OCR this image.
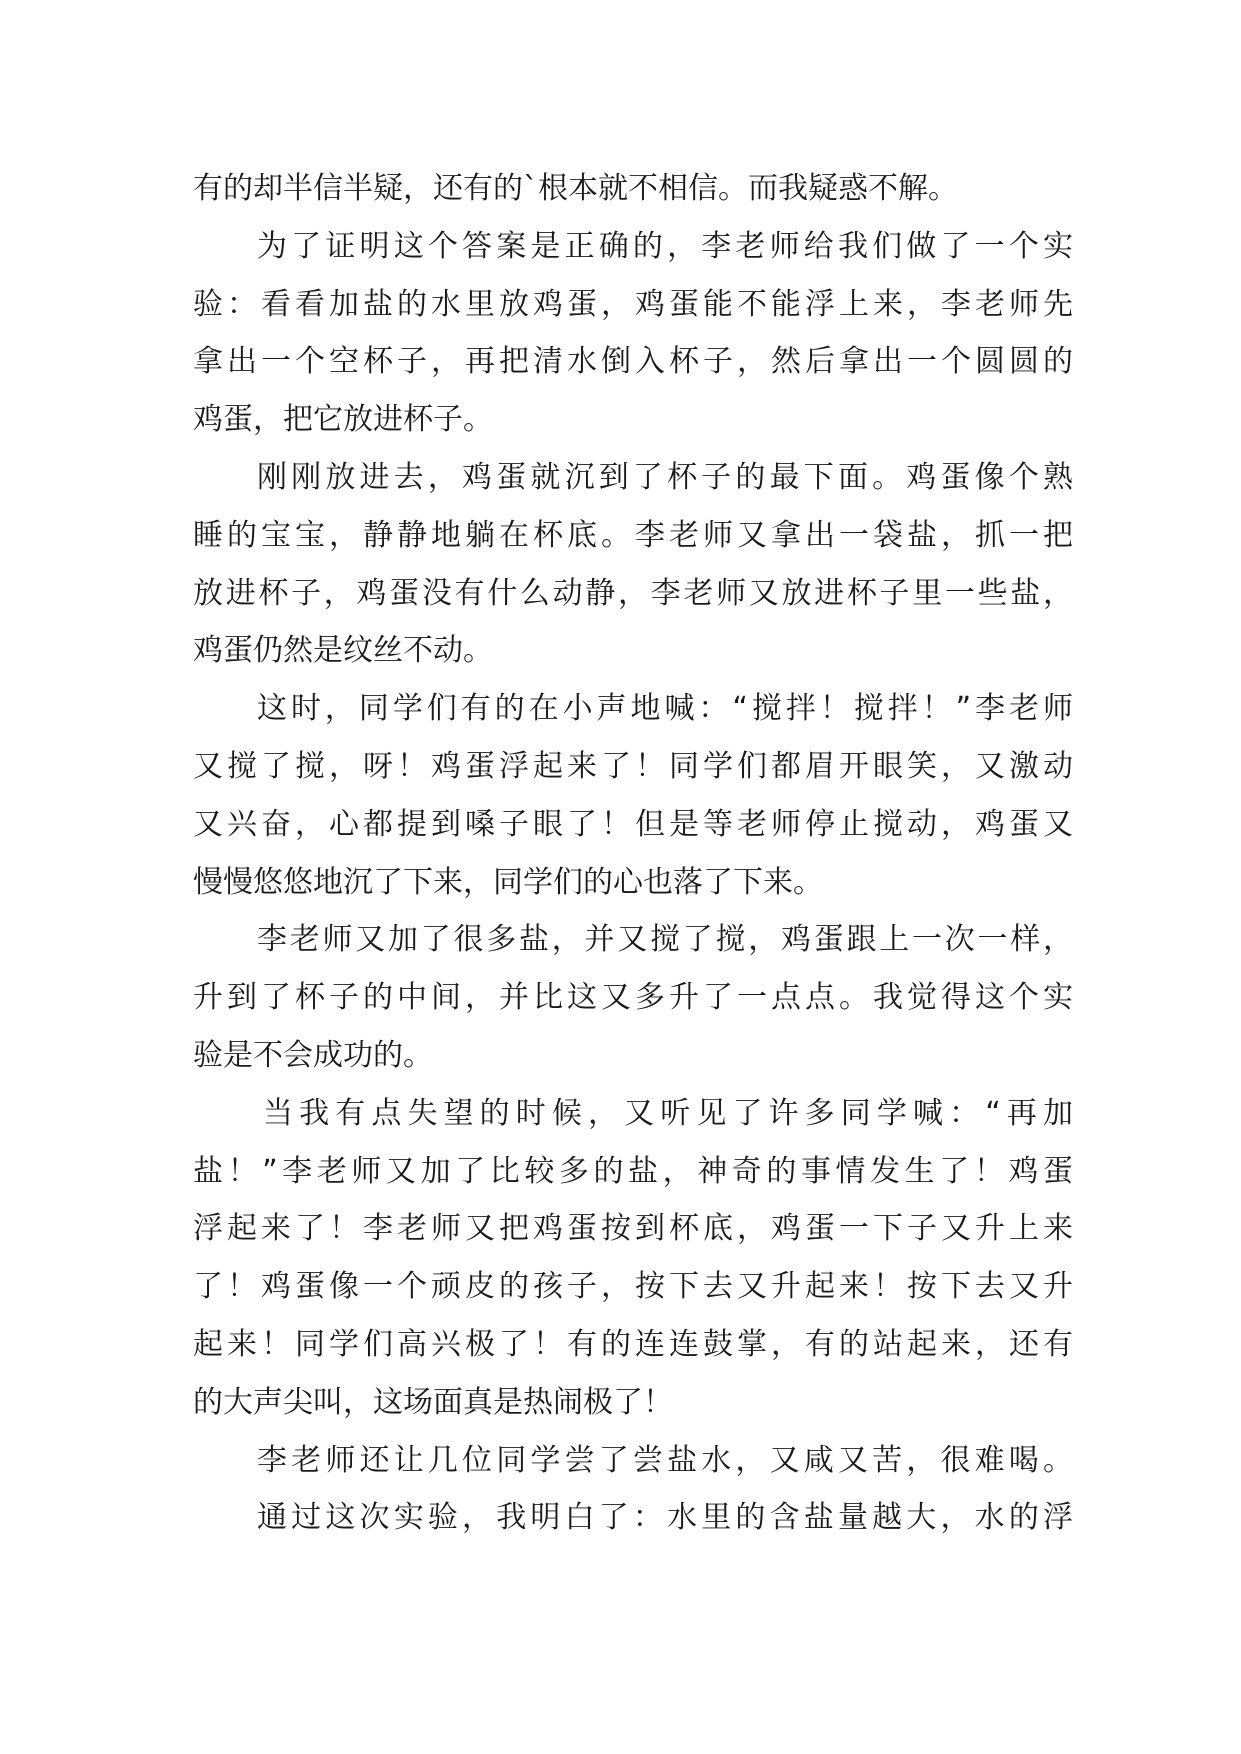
有的却半信半疑，还有的`根本就不相信。而我疑惑不解。
为了证明这个答案是正确的，李老师给我们做了一个实
验：看看加盐的水里放鸡蛋，鸡蛋能不能浮上来，李老师先
拿出一个空杯子，再把清水倒入杯子，然后拿出一个圆圆的
鸡蛋，把它放进杯子。
刚刚放进去，鸡蛋就沉到了杯子的最下面。鸡蛋像个熟
睡的宝宝，静静地躺在杯底。李老师又拿出一袋盐，抓一把
放进杯子，鸡蛋没有什么动静，李老师又放进杯子里一些盐，
鸡蛋仍然是纹丝不动。
这时，同学们有的在小声地喊：“搅拌！搅拌！”李老师
又搅了搅，呀！鸡蛋浮起来了！同学们都眉开眼笑，又激动
又兴奋，心都提到嗓子眼了！但是等老师停止搅动，鸡蛋又
慢慢悠悠地沉了下来，同学们的心也落了下来。
李老师又加了很多盐，并又搅了搅，鸡蛋跟上一次一样，
升到了杯子的中间，并比这又多升了一点点。我觉得这个实
验是不会成功的。
当我有点失望的时候，又听见了许多同学喊：“再加
盐！”李老师又加了比较多的盐，神奇的事情发生了！鸡蛋
浮起来了！李老师又把鸡蛋按到杯底，鸡蛋一下子又升上来
了！鸡蛋像一个顽皮的孩子，按下去又升起来！按下去又升
起来！同学们高兴极了！有的连连鼓掌，有的站起来，还有
的大声尖叫，这场面真是热闹极了！
李老师还让几位同学尝了尝盐水，又咸又苦，很难喝。
通过这次实验，我明白了：水里的含盐量越大，水的浮
